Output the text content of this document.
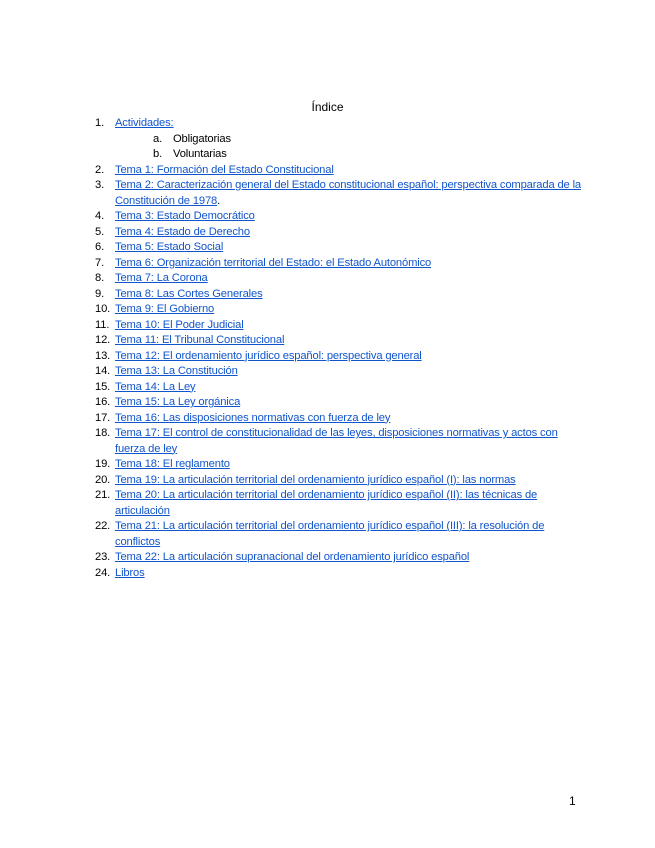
Índice
1. Actividades:
a. Obligatorias
b. Voluntarias
2. Tema 1: Formación del Estado Constitucional
3. Tema 2: Caracterización general del Estado constitucional español: perspectiva comparada de la Constitución de 1978.
4. Tema 3: Estado Democrático
5. Tema 4: Estado de Derecho
6. Tema 5: Estado Social
7. Tema 6: Organización territorial del Estado: el Estado Autonómico
8. Tema 7: La Corona
9. Tema 8: Las Cortes Generales
10. Tema 9: El Gobierno
11. Tema 10: El Poder Judicial
12. Tema 11: El Tribunal Constitucional
13. Tema 12: El ordenamiento jurídico español: perspectiva general
14. Tema 13: La Constitución
15. Tema 14: La Ley
16. Tema 15: La Ley orgánica
17. Tema 16: Las disposiciones normativas con fuerza de ley
18. Tema 17: El control de constitucionalidad de las leyes, disposiciones normativas y actos con fuerza de ley
19. Tema 18: El reglamento
20. Tema 19: La articulación territorial del ordenamiento jurídico español (I): las normas
21. Tema 20: La articulación territorial del ordenamiento jurídico español (II): las técnicas de articulación
22. Tema 21: La articulación territorial del ordenamiento jurídico español (III): la resolución de conflictos
23. Tema 22: La articulación supranacional del ordenamiento jurídico español
24. Libros
1
